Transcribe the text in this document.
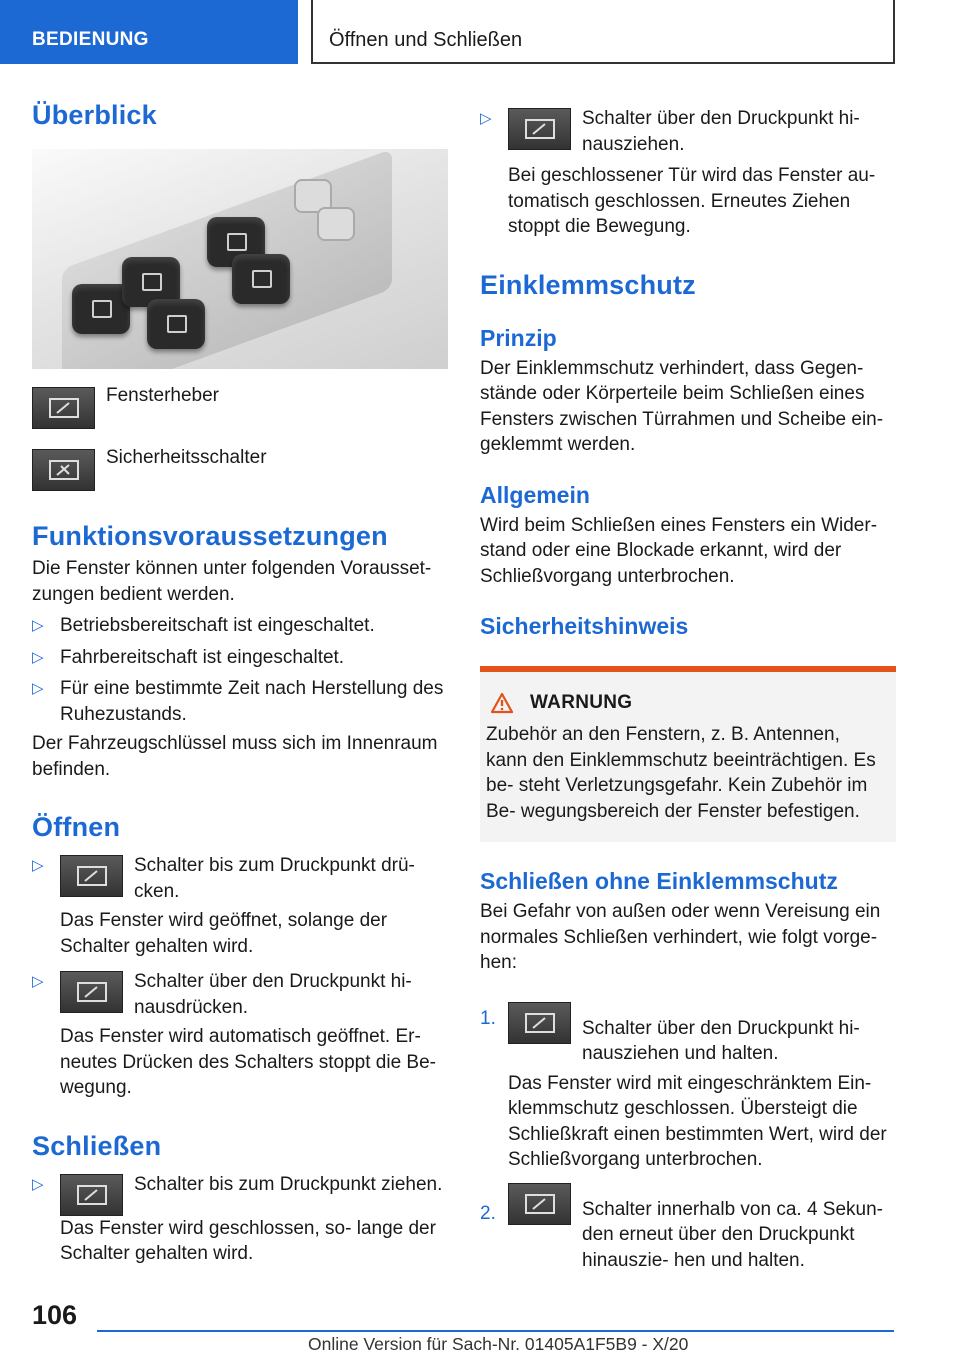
BEDIENUNG	Öffnen und Schließen
Überblick
Fensterheber
Sicherheitsschalter
Funktionsvoraussetzungen

Die Fenster können unter folgenden Vorausset- zungen bedient werden.

▷ Betriebsbereitschaft ist eingeschaltet.

▷ Fahrbereitschaft ist eingeschaltet.

▷ Für eine bestimmte Zeit nach Herstellung des Ruhezustands.

Der Fahrzeugschlüssel muss sich im Innenraum befinden.

Öffnen
▷	Schalter bis zum Druckpunkt drü- cken.

Das Fenster wird geöffnet, solange der Schalter gehalten wird.

▷	Schalter über den Druckpunkt hi- nausdrücken.

Das Fenster wird automatisch geöffnet. Er- neutes Drücken des Schalters stoppt die Be- wegung.

Schließen
▷	Schalter bis zum Druckpunkt ziehen.

Das Fenster wird geschlossen, so- lange der Schalter gehalten wird.

▷	Schalter über den Druckpunkt hi- nausziehen.

Bei geschlossener Tür wird das Fenster au- tomatisch geschlossen. Erneutes Ziehen stoppt die Bewegung.

Einklemmschutz
Prinzip

Der Einklemmschutz verhindert, dass Gegen- stände oder Körperteile beim Schließen eines Fensters zwischen Türrahmen und Scheibe ein- geklemmt werden.

Allgemein

Wird beim Schließen eines Fensters ein Wider- stand oder eine Blockade erkannt, wird der Schließvorgang unterbrochen.

Sicherheitshinweis
WARNUNG

Zubehör an den Fenstern, z. B. Antennen, kann den Einklemmschutz beeinträchtigen. Es be- steht Verletzungsgefahr. Kein Zubehör im Be- wegungsbereich der Fenster befestigen.

Schließen ohne Einklemmschutz

Bei Gefahr von außen oder wenn Vereisung ein normales Schließen verhindert, wie folgt vorge- hen:

1.	Schalter über den Druckpunkt hi- nausziehen und halten.

Das Fenster wird mit eingeschränktem Ein- klemmschutz geschlossen. Übersteigt die Schließkraft einen bestimmten Wert, wird der Schließvorgang unterbrochen.

2.	Schalter innerhalb von ca. 4 Sekun- den erneut über den Druckpunkt hinauszie- hen und halten.

106
Online Version für Sach-Nr. 01405A1F5B9 - X/20
